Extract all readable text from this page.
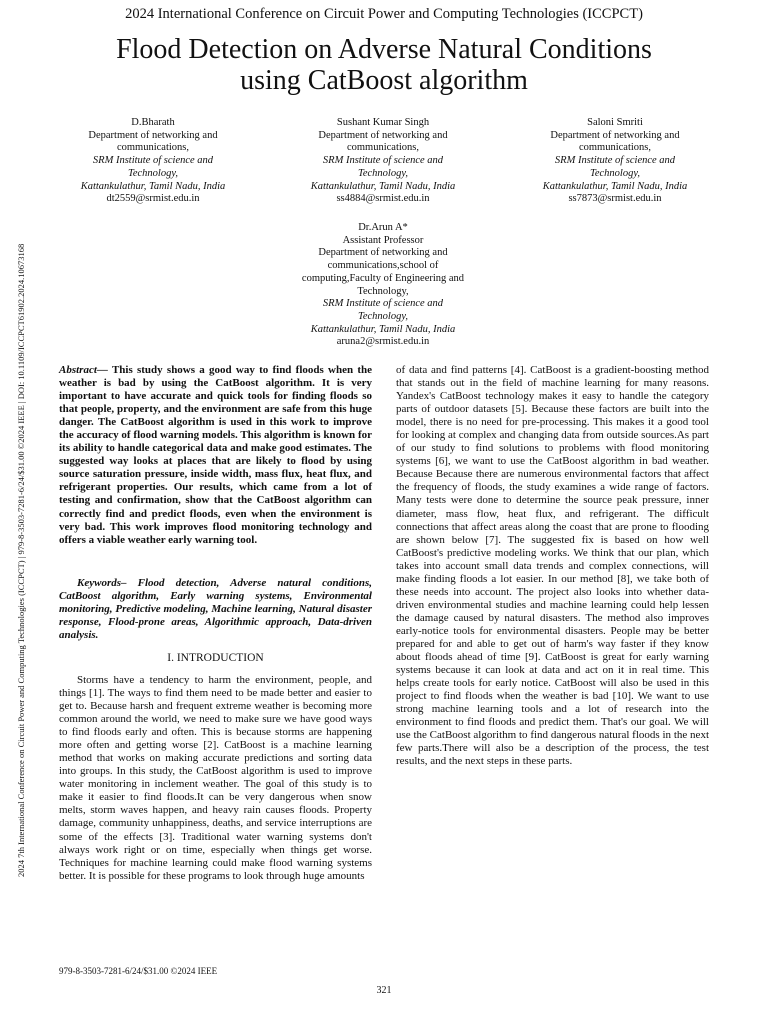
2024 International Conference on Circuit Power and Computing Technologies (ICCPCT)
Flood Detection on Adverse Natural Conditions
using CatBoost algorithm
D.Bharath
Department of networking and
communications,
SRM Institute of science and
Technology,
Kattankulathur, Tamil Nadu, India
dt2559@srmist.edu.in
Sushant Kumar Singh
Department of networking and
communications,
SRM Institute of science and
Technology,
Kattankulathur, Tamil Nadu, India
ss4884@srmist.edu.in
Saloni Smriti
Department of networking and
communications,
SRM Institute of science and
Technology,
Kattankulathur, Tamil Nadu, India
ss7873@srmist.edu.in
Dr.Arun A*
Assistant Professor
Department of networking and
communications,school of
computing,Faculty of Engineering and
Technology,
SRM Institute of science and
Technology,
Kattankulathur, Tamil Nadu, India
aruna2@srmist.edu.in
2024 7th International Conference on Circuit Power and Computing Technologies (ICCPCT) | 979-8-3503-7281-6/24/$31.00 ©2024 IEEE | DOI: 10.1109/ICCPCT61902.2024.10673168	Abstract— This study shows a good way to find floods when the weather is bad by using the CatBoost algorithm. It is very important to have accurate and quick tools for finding floods so that people, property, and the environment are safe from this huge danger. The CatBoost algorithm is used in this work to improve the accuracy of flood warning models. This algorithm is known for its ability to handle categorical data and make good estimates. The suggested way looks at places that are likely to flood by using source saturation pressure, inside width, mass flux, heat flux, and refrigerant properties. Our results, which came from a lot of testing and confirmation, show that the CatBoost algorithm can correctly find and predict floods, even when the environment is very bad. This work improves flood monitoring technology and offers a viable weather early warning tool.

Keywords– Flood detection, Adverse natural conditions, CatBoost algorithm, Early warning systems, Environmental monitoring, Predictive modeling, Machine learning, Natural disaster response, Flood-prone areas, Algorithmic approach, Data-driven analysis.

I. INTRODUCTION

Storms have a tendency to harm the environment, people, and things [1]. The ways to find them need to be made better and easier to get to. Because harsh and frequent extreme weather is becoming more common around the world, we need to make sure we have good ways to find floods early and often. This is because storms are happening more often and getting worse [2]. CatBoost is a machine learning method that works on making accurate predictions and sorting data into groups. In this study, the CatBoost algorithm is used to improve water monitoring in inclement weather. The goal of this study is to make it easier to find floods.It can be very dangerous when snow melts, storm waves happen, and heavy rain causes floods. Property damage, community unhappiness, deaths, and service interruptions are some of the effects [3]. Traditional water warning systems don't always work right or on time, especially when things get worse. Techniques for machine learning could make flood warning systems better. It is possible for these programs to look through huge amounts

of data and find patterns [4]. CatBoost is a gradient-boosting method that stands out in the field of machine learning for many reasons. Yandex's CatBoost technology makes it easy to handle the category parts of outdoor datasets [5]. Because these factors are built into the model, there is no need for pre-processing. This makes it a good tool for looking at complex and changing data from outside sources.As part of our study to find solutions to problems with flood monitoring systems [6], we want to use the CatBoost algorithm in bad weather. Because Because there are numerous environmental factors that affect the frequency of floods, the study examines a wide range of factors. Many tests were done to determine the source peak pressure, inner diameter, mass flow, heat flux, and refrigerant. The difficult connections that affect areas along the coast that are prone to flooding are shown below [7]. The suggested fix is based on how well CatBoost's predictive modeling works. We think that our plan, which takes into account small data trends and complex connections, will make finding floods a lot easier. In our method [8], we take both of these needs into account. The project also looks into whether data-driven environmental studies and machine learning could help lessen the damage caused by natural disasters. The method also improves early-notice tools for environmental disasters. People may be better prepared for and able to get out of harm's way faster if they know about floods ahead of time [9]. CatBoost is great for early warning systems because it can look at data and act on it in real time. This helps create tools for early notice. CatBoost will also be used in this project to find floods when the weather is bad [10]. We want to use strong machine learning tools and a lot of research into the environment to find floods and predict them. That's our goal. We will use the CatBoost algorithm to find dangerous natural floods in the next few parts.There will also be a description of the process, the test results, and the next steps in these parts.

979-8-3503-7281-6/24/$31.00 ©2024 IEEE
321
